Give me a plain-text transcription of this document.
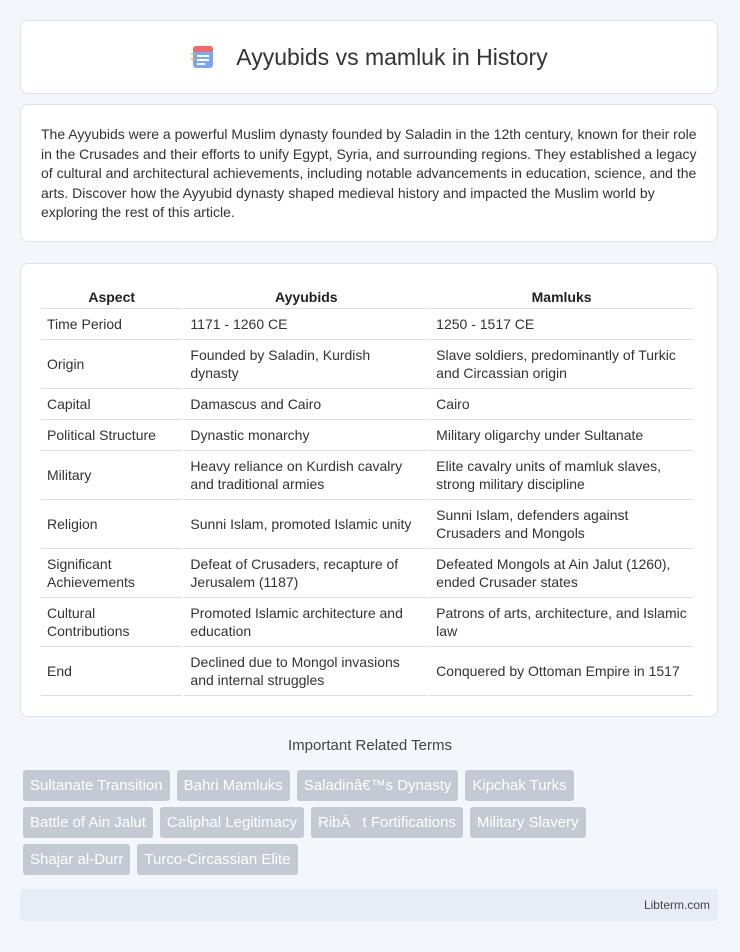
Ayyubids vs mamluk in History

The Ayyubids were a powerful Muslim dynasty founded by Saladin in the 12th century, known for their role in the Crusades and their efforts to unify Egypt, Syria, and surrounding regions. They established a legacy of cultural and architectural achievements, including notable advancements in education, science, and the arts. Discover how the Ayyubid dynasty shaped medieval history and impacted the Muslim world by exploring the rest of this article.

Aspect	Ayyubids	Mamluks
Time Period	1171 - 1260 CE	1250 - 1517 CE
Origin	Founded by Saladin, Kurdish dynasty	Slave soldiers, predominantly of Turkic and Circassian origin
Capital	Damascus and Cairo	Cairo
Political Structure	Dynastic monarchy	Military oligarchy under Sultanate
Military	Heavy reliance on Kurdish cavalry and traditional armies	Elite cavalry units of mamluk slaves, strong military discipline
Religion	Sunni Islam, promoted Islamic unity	Sunni Islam, defenders against Crusaders and Mongols
Significant Achievements	Defeat of Crusaders, recapture of Jerusalem (1187)	Defeated Mongols at Ain Jalut (1260), ended Crusader states
Cultural Contributions	Promoted Islamic architecture and education	Patrons of arts, architecture, and Islamic law
End	Declined due to Mongol invasions and internal struggles	Conquered by Ottoman Empire in 1517
Important Related Terms
Sultanate Transition	Bahri Mamluks	Saladinâ€™s Dynasty	Kipchak Turks
Battle of Ain Jalut	Caliphal Legitimacy	RibÄt Fortifications	Military Slavery
Shajar al-Durr	Turco-Circassian Elite
Libterm.com
